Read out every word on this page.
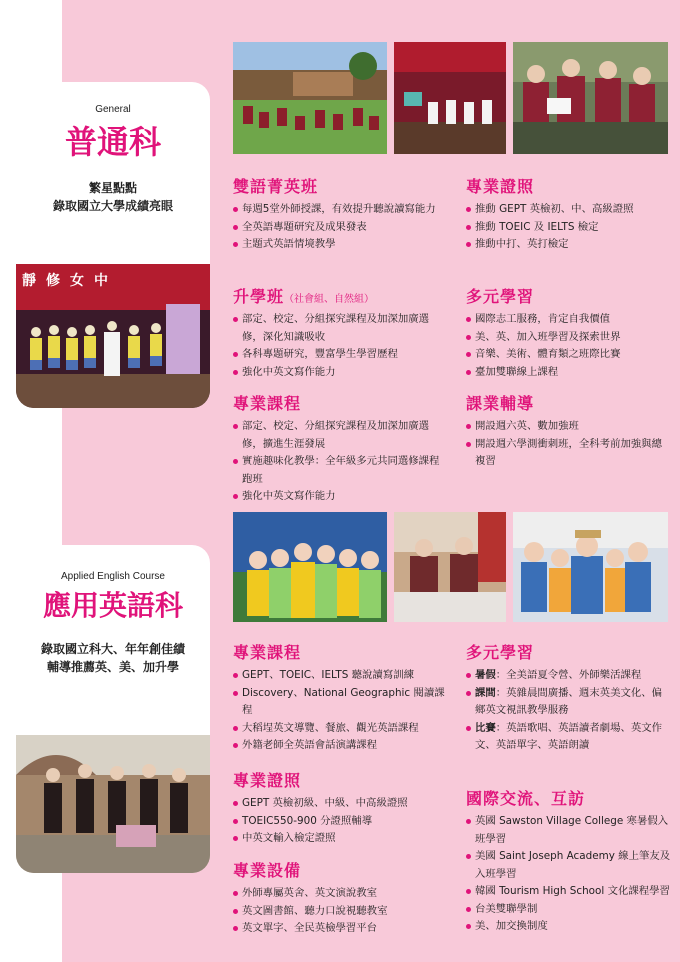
General
普通科
繁星點點
錄取國立大學成績亮眼
靜修女中
Applied English Course
應用英語科
錄取國立科大、年年創佳績
輔導推薦英、美、加升學
雙語菁英班
每週5堂外師授課，有效提升聽說讀寫能力
全英語專題研究及成果發表
主題式英語情境教學
升學班（社會組、自然組）
部定、校定、分組探究課程及加深加廣選修，深化知識吸收
各科專題研究，豐富學生學習歷程
強化中英文寫作能力
專業課程
部定、校定、分組探究課程及加深加廣選修，擴進生涯發展
實施趣味化教學：全年級多元共同選修課程跑班
強化中英文寫作能力
專業證照
推動 GEPT 英檢初、中、高級證照
推動 TOEIC 及 IELTS 檢定
推動中打、英打檢定
多元學習
國際志工服務，肯定自我價值
美、英、加入班學習及探索世界
音樂、美術、體育類之班際比賽
臺加雙聯線上課程
課業輔導
開設週六英、數加強班
開設週六學測衝刺班，全科考前加強與總複習
專業課程
GEPT、TOEIC、IELTS 聽說讀寫訓練
Discovery、National Geographic 閱讀課程
大稻埕英文導覽、餐旅、觀光英語課程
外籍老師全英語會話演講課程
專業證照
GEPT 英檢初級、中級、中高級證照
TOEIC550-900 分證照輔導
中英文輸入檢定證照
專業設備
外師專屬英舍、英文演說教室
英文圖書館、聽力口說視聽教室
英文單字、全民英檢學習平台
多元學習
暑假：全美語夏令營、外師樂活課程
課間：英雜晨間廣播、週末英美文化、偏鄉英文視訊教學服務
比賽：英語歌唱、英語讀者劇場、英文作文、英語單字、英語朗讀
國際交流、互訪
英國 Sawston Village College 寒暑假入班學習
美國 Saint Joseph Academy 線上筆友及入班學習
韓國 Tourism High School 文化課程學習
台美雙聯學制
美、加交換制度
